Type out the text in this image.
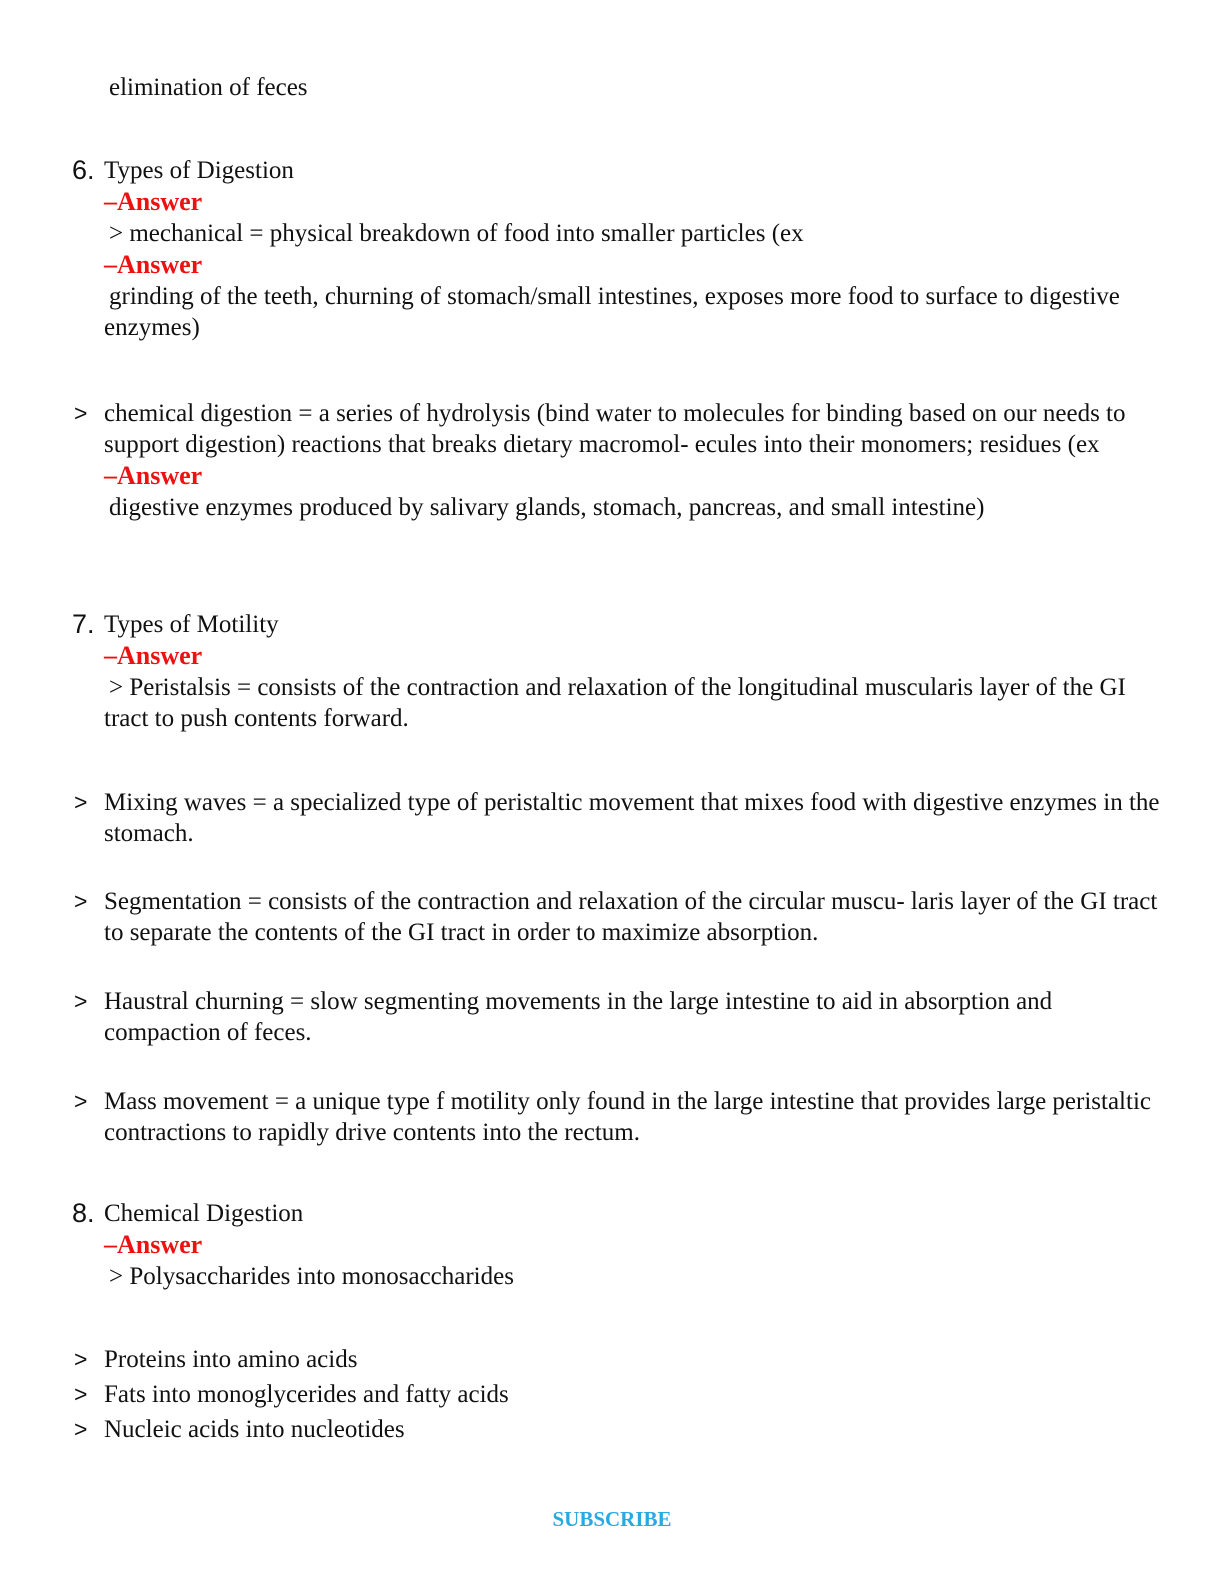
elimination of feces

6. Types of Digestion

–Answer

> mechanical = physical breakdown of food into smaller particles (ex

–Answer

grinding of the teeth, churning of stomach/small intestines, exposes more food to surface to digestive enzymes)

> chemical digestion = a series of hydrolysis (bind water to molecules for binding based on our needs to support digestion) reactions that breaks dietary macromol- ecules into their monomers; residues (ex

–Answer

digestive enzymes produced by salivary glands, stomach, pancreas, and small intestine)

7. Types of Motility

–Answer

> Peristalsis = consists of the contraction and relaxation of the longitudinal muscularis layer of the GI tract to push contents forward.

> Mixing waves = a specialized type of peristaltic movement that mixes food with digestive enzymes in the stomach.

> Segmentation = consists of the contraction and relaxation of the circular muscu- laris layer of the GI tract to separate the contents of the GI tract in order to maximize absorption.

> Haustral churning = slow segmenting movements in the large intestine to aid in absorption and compaction of feces.

> Mass movement = a unique type f motility only found in the large intestine that provides large peristaltic contractions to rapidly drive contents into the rectum.

8. Chemical Digestion

–Answer

> Polysaccharides into monosaccharides

> Proteins into amino acids

> Fats into monoglycerides and fatty acids

> Nucleic acids into nucleotides

SUBSCRIBE
